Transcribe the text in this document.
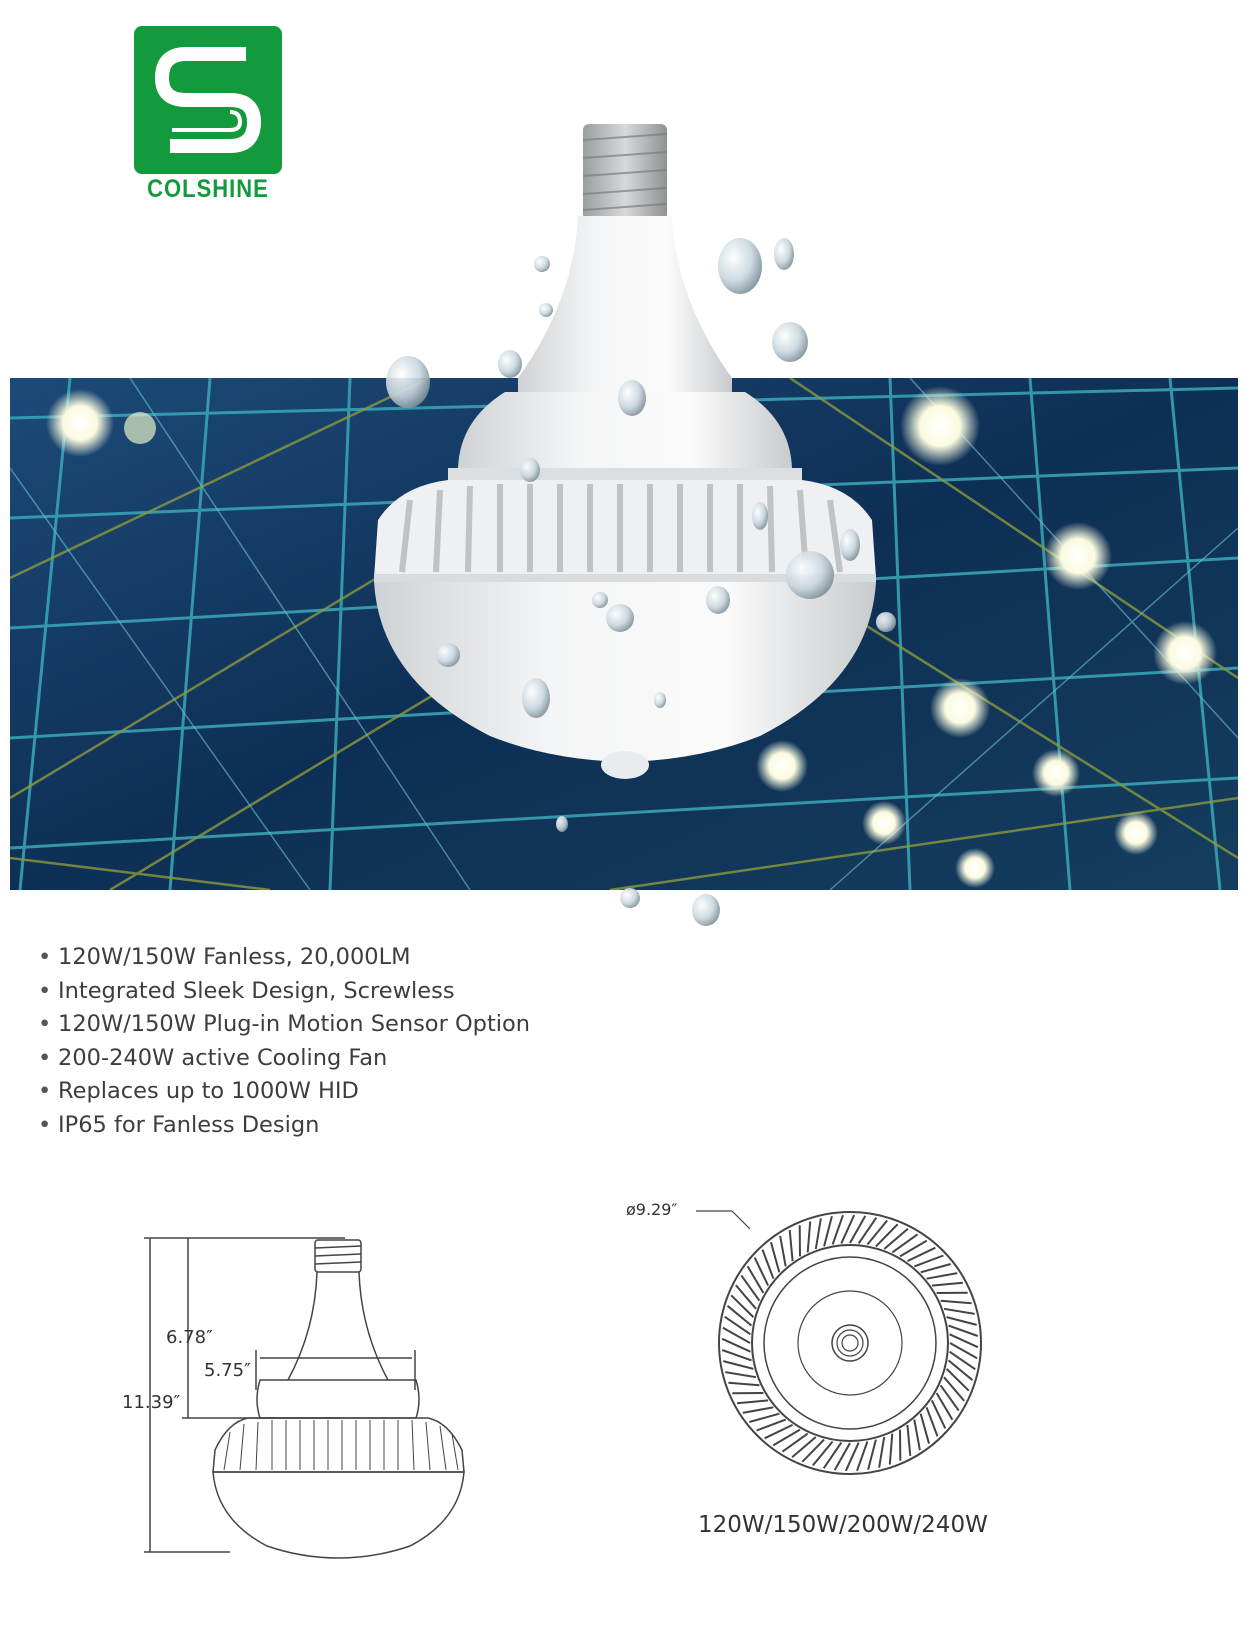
COLSHINE
• 120W/150W Fanless, 20,000LM
• Integrated Sleek Design, Screwless
• 120W/150W Plug-in Motion Sensor Option
• 200-240W active Cooling Fan
• Replaces up to 1000W HID
• IP65 for Fanless Design
6.78″
5.75″
11.39″
ø9.29″
120W/150W/200W/240W
